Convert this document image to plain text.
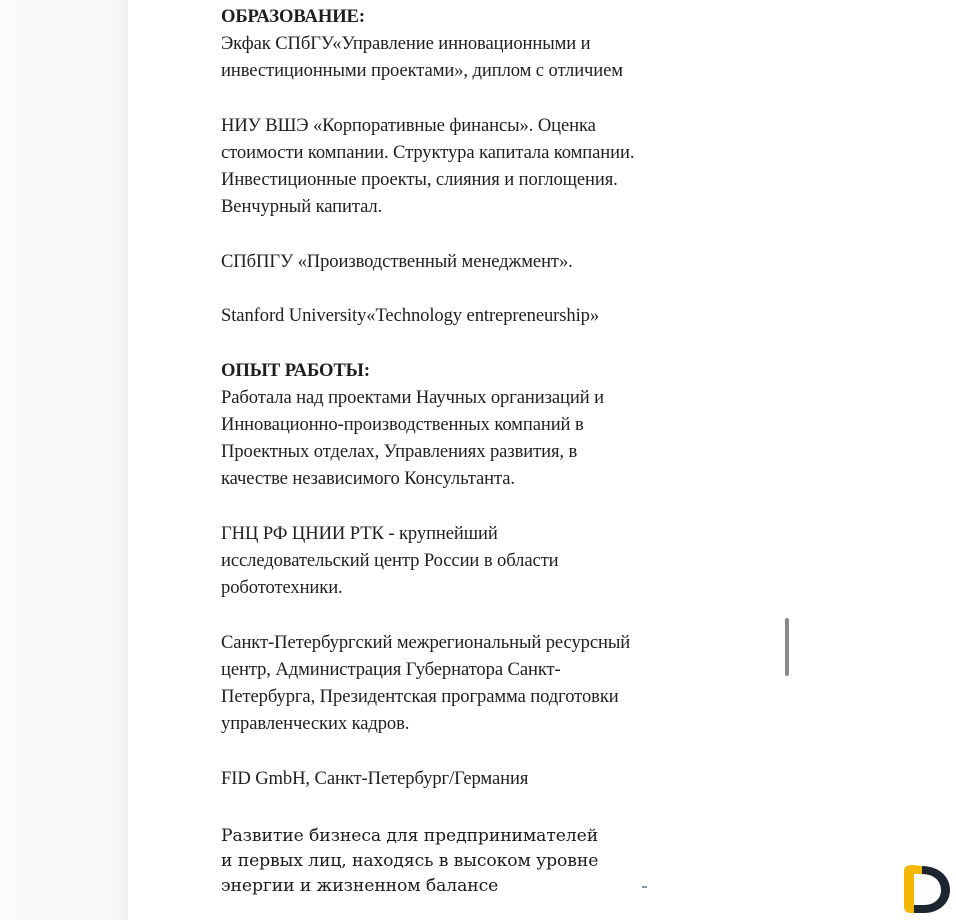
ОБРАЗОВАНИЕ:
Экфак СПбГУ«Управление инновационными и
инвестиционными проектами», диплом с отличием
НИУ ВШЭ «Корпоративные финансы». Оценка
стоимости компании. Структура капитала компании.
Инвестиционные проекты, слияния и поглощения.
Венчурный капитал.
СПбПГУ «Производственный менеджмент».
Stanford University«Technology entrepreneurship»
ОПЫТ РАБОТЫ:
Работала над проектами Научных организаций и
Инновационно-производственных компаний в
Проектных отделах, Управлениях развития, в
качестве независимого Консультанта.
ГНЦ РФ ЦНИИ РТК - крупнейший
исследовательский центр России в области
робототехники.
Санкт-Петербургский межрегиональный ресурсный
центр, Администрация Губернатора Санкт-
Петербурга, Президентская программа подготовки
управленческих кадров.
FID GmbH, Санкт-Петербург/Германия
Развитие бизнеса для предпринимателей
и первых лиц, находясь в высоком уровне
энергии и жизненном балансе
